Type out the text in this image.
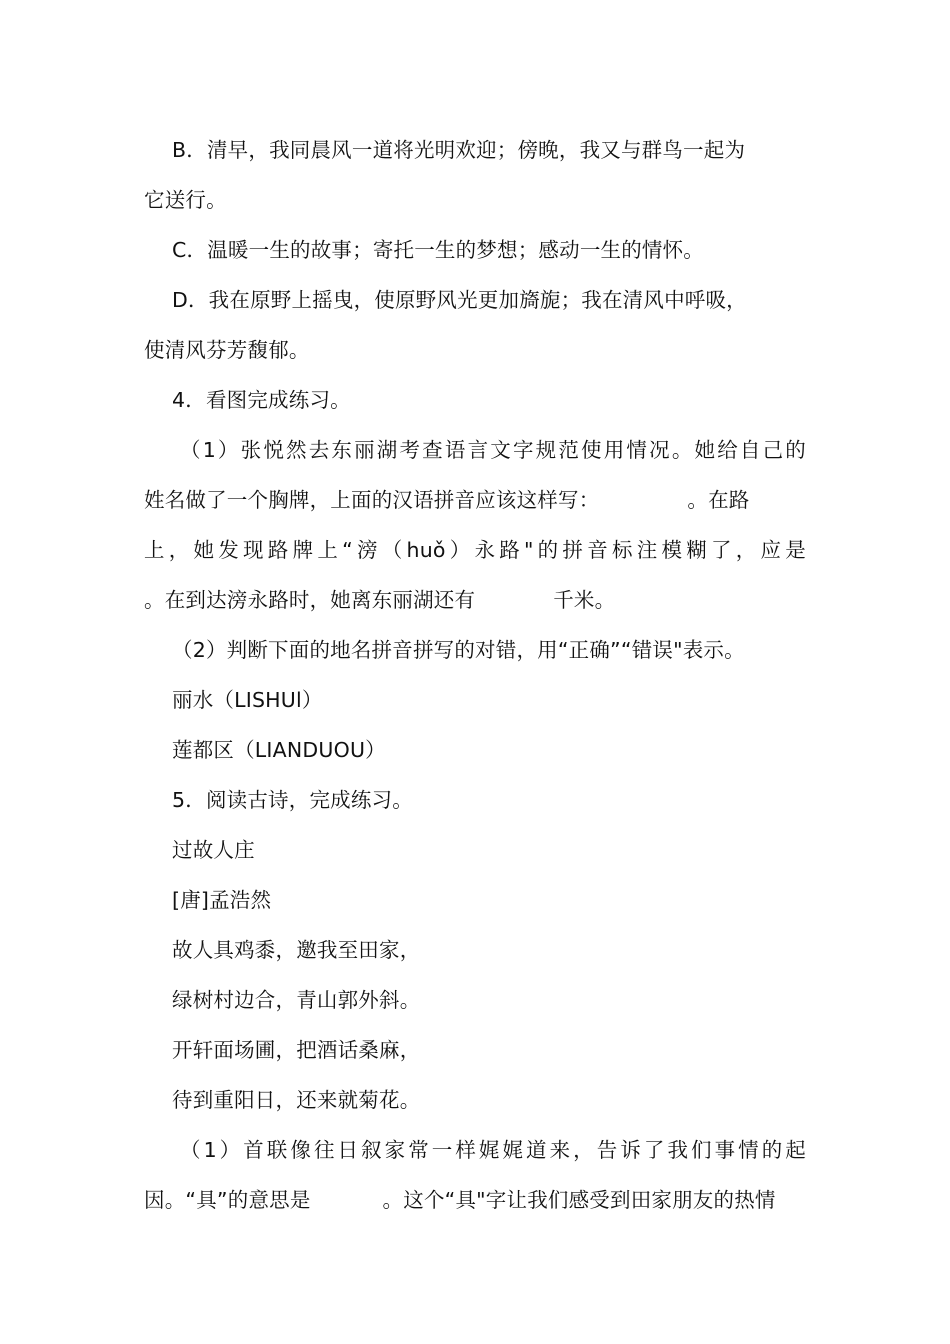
B．清早，我同晨风一道将光明欢迎；傍晚，我又与群鸟一起为
它送行。
C．温暖一生的故事；寄托一生的梦想；感动一生的情怀。
D．我在原野上摇曳，使原野风光更加旖旎；我在清风中呼吸，
使清风芬芳馥郁。
4．看图完成练习。
（1）张悦然去东丽湖考查语言文字规范使用情况。她给自己的
姓名做了一个胸牌，上面的汉语拼音应该这样写：	。在路
上，她发现路牌上“滂（huǒ）永路"的拼音标注模糊了，应是
。在到达滂永路时，她离东丽湖还有	千米。
（2）判断下面的地名拼音拼写的对错，用“正确”“错误"表示。
丽水（LISHUl）
莲都区（LIANDUOU）
5．阅读古诗，完成练习。
过故人庄
[唐]孟浩然
故人具鸡黍，邀我至田家，
绿树村边合，青山郭外斜。
开轩面场圃，把酒话桑麻，
待到重阳日，还来就菊花。
（1）首联像往日叙家常一样娓娓道来，告诉了我们事情的起
因。“具”的意思是	。这个“具"字让我们感受到田家朋友的热情
